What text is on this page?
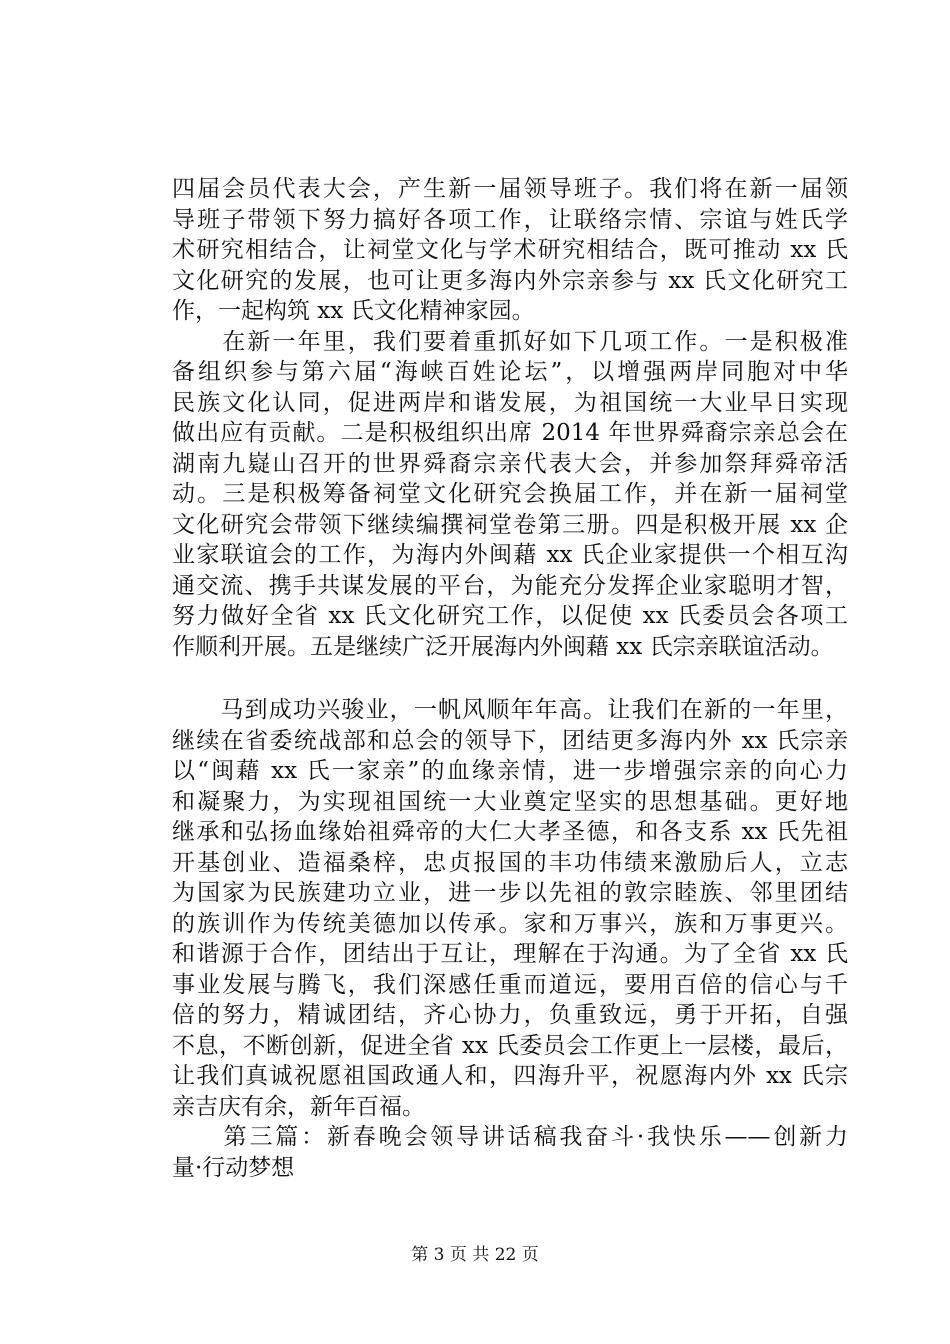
四届会员代表大会，产生新一届领导班子。我们将在新一届领
导班子带领下努力搞好各项工作，让联络宗情、宗谊与姓氏学
术研究相结合，让祠堂文化与学术研究相结合，既可推动 xx 氏
文化研究的发展，也可让更多海内外宗亲参与 xx 氏文化研究工
作，一起构筑 xx 氏文化精神家园。
　　在新一年里，我们要着重抓好如下几项工作。一是积极准
备组织参与第六届“海峡百姓论坛”，以增强两岸同胞对中华
民族文化认同，促进两岸和谐发展，为祖国统一大业早日实现
做出应有贡献。二是积极组织出席 2014 年世界舜裔宗亲总会在
湖南九嶷山召开的世界舜裔宗亲代表大会，并参加祭拜舜帝活
动。三是积极筹备祠堂文化研究会换届工作，并在新一届祠堂
文化研究会带领下继续编撰祠堂卷第三册。四是积极开展 xx 企
业家联谊会的工作，为海内外闽藉 xx 氏企业家提供一个相互沟
通交流、携手共谋发展的平台，为能充分发挥企业家聪明才智，
努力做好全省 xx 氏文化研究工作，以促使 xx 氏委员会各项工
作顺利开展。五是继续广泛开展海内外闽藉 xx 氏宗亲联谊活动。
　　马到成功兴骏业，一帆风顺年年高。让我们在新的一年里，
继续在省委统战部和总会的领导下，团结更多海内外 xx 氏宗亲
以“闽藉 xx 氏一家亲”的血缘亲情，进一步增强宗亲的向心力
和凝聚力，为实现祖国统一大业奠定坚实的思想基础。更好地
继承和弘扬血缘始祖舜帝的大仁大孝圣德，和各支系 xx 氏先祖
开基创业、造福桑梓，忠贞报国的丰功伟绩来激励后人，立志
为国家为民族建功立业，进一步以先祖的敦宗睦族、邻里团结
的族训作为传统美德加以传承。家和万事兴，族和万事更兴。
和谐源于合作，团结出于互让，理解在于沟通。为了全省 xx 氏
事业发展与腾飞，我们深感任重而道远，要用百倍的信心与千
倍的努力，精诚团结，齐心协力，负重致远，勇于开拓，自强
不息，不断创新，促进全省 xx 氏委员会工作更上一层楼，最后，
让我们真诚祝愿祖国政通人和，四海升平，祝愿海内外 xx 氏宗
亲吉庆有余，新年百福。
　　第三篇：新春晚会领导讲话稿我奋斗·我快乐——创新力
量·行动梦想
第 3 页 共 22 页
